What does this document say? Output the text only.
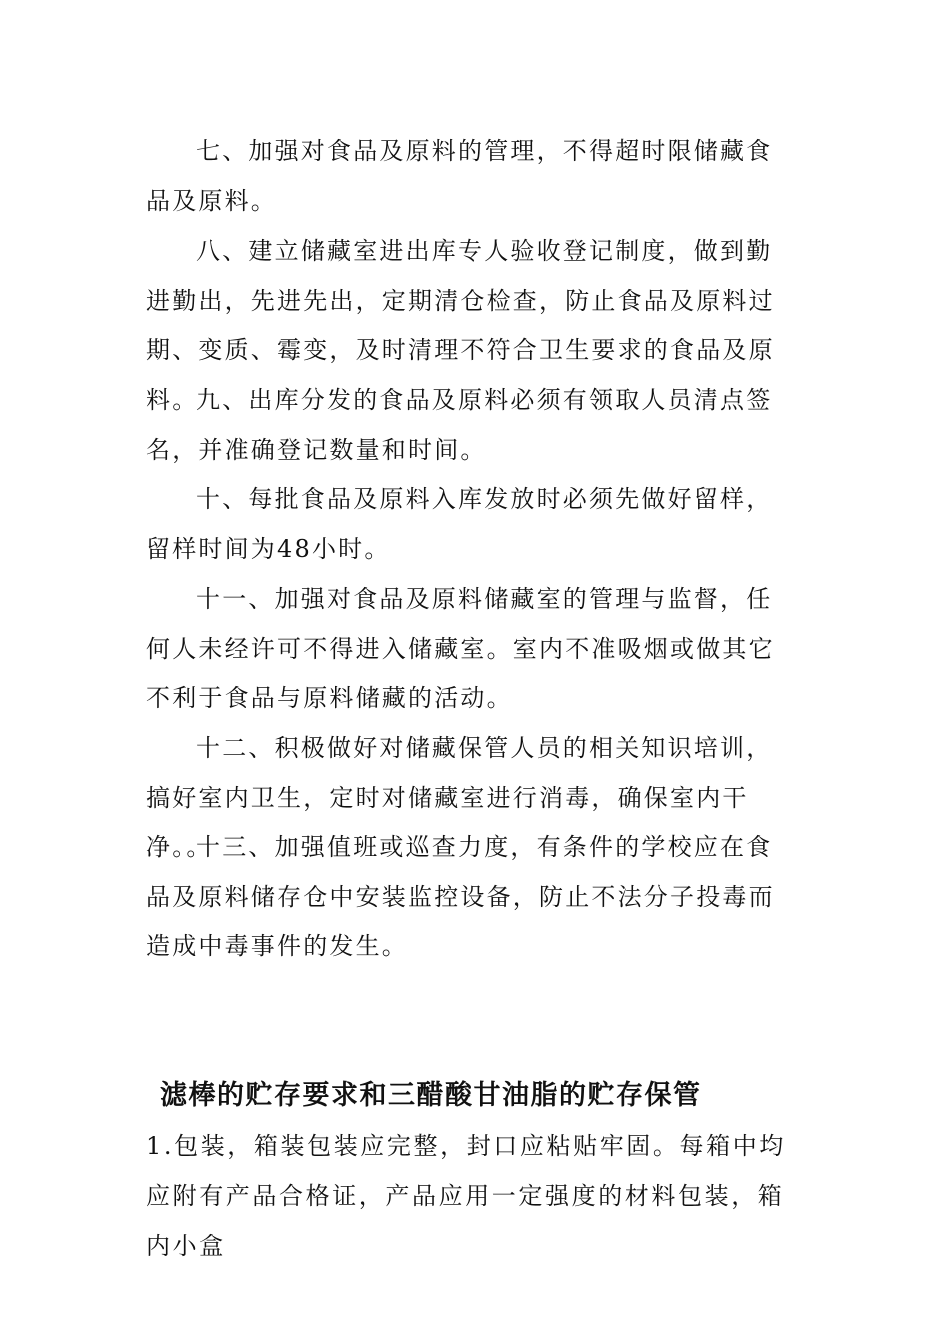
七、加强对食品及原料的管理，不得超时限储藏食品及原料。

八、建立储藏室进出库专人验收登记制度，做到勤进勤出，先进先出，定期清仓检查，防止食品及原料过期、变质、霉变，及时清理不符合卫生要求的食品及原料。

九、出库分发的食品及原料必须有领取人员清点签名，并准确登记数量和时间。

十、每批食品及原料入库发放时必须先做好留样，留样时间为48小时。

十一、加强对食品及原料储藏室的管理与监督，任何人未经许可不得进入储藏室。室内不准吸烟或做其它不利于食品与原料储藏的活动。

十二、积极做好对储藏保管人员的相关知识培训，搞好室内卫生，定时对储藏室进行消毒，确保室内干净。。

十三、加强值班或巡查力度，有条件的学校应在食品及原料储存仓中安装监控设备，防止不法分子投毒而造成中毒事件的发生。

滤棒的贮存要求和三醋酸甘油脂的贮存保管

1.包装，箱装包装应完整，封口应粘贴牢固。每箱中均应附有产品合格证，产品应用一定强度的材料包装，箱内小盒
